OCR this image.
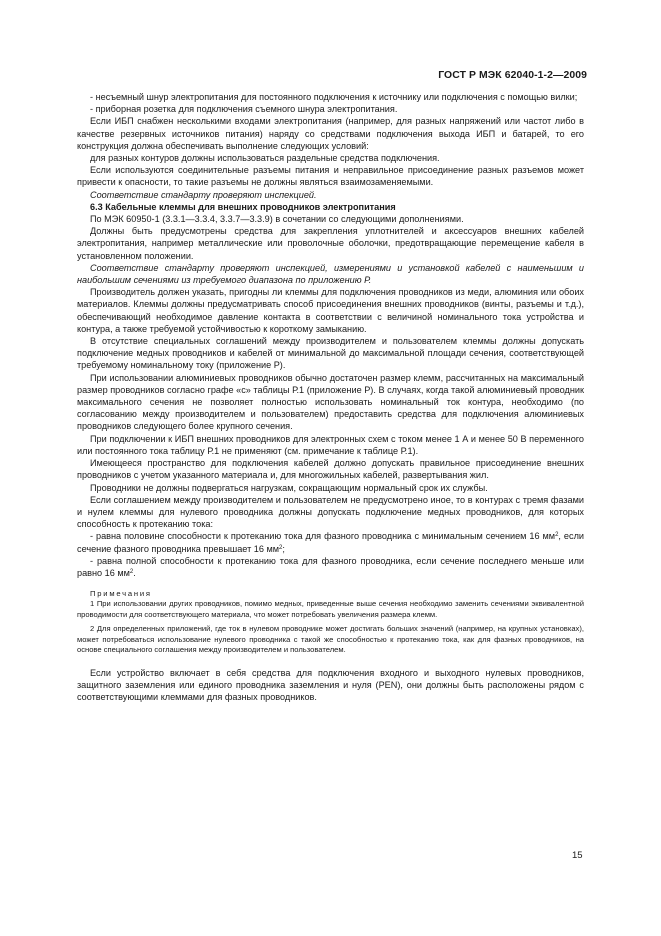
ГОСТ Р МЭК 62040-1-2—2009

- несъемный шнур электропитания для постоянного подключения к источнику или подключения с помощью вилки;

- приборная розетка для подключения съемного шнура электропитания.

Если ИБП снабжен несколькими входами электропитания (например, для разных напряжений или частот либо в качестве резервных источников питания) наряду со средствами подключения выхода ИБП и батарей, то его конструкция должна обеспечивать выполнение следующих условий:

для разных контуров должны использоваться раздельные средства подключения.

Если используются соединительные разъемы питания и неправильное присоединение разных разъемов может привести к опасности, то такие разъемы не должны являться взаимозаменяемыми.

Соответствие стандарту проверяют инспекцией.

6.3 Кабельные клеммы для внешних проводников электропитания

По МЭК 60950-1 (3.3.1—3.3.4, 3.3.7—3.3.9) в сочетании со следующими дополнениями.

Должны быть предусмотрены средства для закрепления уплотнителей и аксессуаров внешних кабелей электропитания, например металлические или проволочные оболочки, предотвращающие перемещение кабеля в установленном положении.

Соответствие стандарту проверяют инспекцией, измерениями и установкой кабелей с наименьшим и наибольшим сечениями из требуемого диапазона по приложению Р.

Производитель должен указать, пригодны ли клеммы для подключения проводников из меди, алюминия или обоих материалов. Клеммы должны предусматривать способ присоединения внешних проводников (винты, разъемы и т.д.), обеспечивающий необходимое давление контакта в соответствии с величиной номинального тока устройства и контура, а также требуемой устойчивостью к короткому замыканию.

В отсутствие специальных соглашений между производителем и пользователем клеммы должны допускать подключение медных проводников и кабелей от минимальной до максимальной площади сечения, соответствующей требуемому номинальному току (приложение Р).

При использовании алюминиевых проводников обычно достаточен размер клемм, рассчитанных на максимальный размер проводников согласно графе «с» таблицы Р.1 (приложение Р). В случаях, когда такой алюминиевый проводник максимального сечения не позволяет полностью использовать номинальный ток контура, необходимо (по согласованию между производителем и пользователем) предоставить средства для подключения алюминиевых проводников следующего более крупного сечения.

При подключении к ИБП внешних проводников для электронных схем с током менее 1 А и менее 50 В переменного или постоянного тока таблицу Р.1 не применяют (см. примечание к таблице Р.1).

Имеющееся пространство для подключения кабелей должно допускать правильное присоединение внешних проводников с учетом указанного материала и, для многожильных кабелей, развертывания жил.

Проводники не должны подвергаться нагрузкам, сокращающим нормальный срок их службы.

Если соглашением между производителем и пользователем не предусмотрено иное, то в контурах с тремя фазами и нулем клеммы для нулевого проводника должны допускать подключение медных проводников, для которых способность к протеканию тока:

- равна половине способности к протеканию тока для фазного проводника с минимальным сечением 16 $мм^2$, если сечение фазного проводника превышает 16 $мм^2$;

- равна полной способности к протеканию тока для фазного проводника, если сечение последнего меньше или равно 16 $мм^2$.

Примечания

1 При использовании других проводников, помимо медных, приведенные выше сечения необходимо заменить сечениями эквивалентной проводимости для соответствующего материала, что может потребовать увеличения размера клемм.

2 Для определенных приложений, где ток в нулевом проводнике может достигать больших значений (например, на крупных установках), может потребоваться использование нулевого проводника с такой же способностью к протеканию тока, как для фазных проводников, на основе специального соглашения между производителем и пользователем.

Если устройство включает в себя средства для подключения входного и выходного нулевых проводников, защитного заземления или единого проводника заземления и нуля (PEN), они должны быть расположены рядом с соответствующими клеммами для фазных проводников.

15
